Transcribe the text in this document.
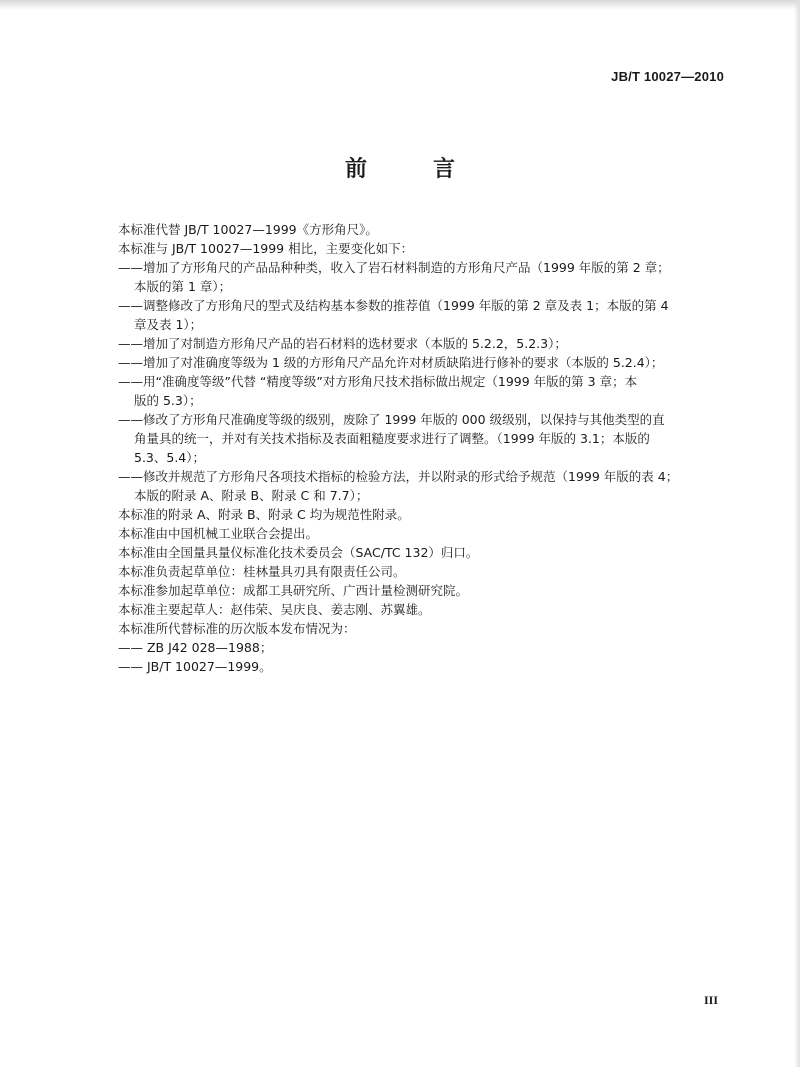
JB/T 10027—2010
前　言

本标准代替 JB/T 10027—1999《方形角尺》。

本标准与 JB/T 10027—1999 相比，主要变化如下：

——增加了方形角尺的产品品种种类，收入了岩石材料制造的方形角尺产品（1999 年版的第 2 章；

本版的第 1 章）；

——调整修改了方形角尺的型式及结构基本参数的推荐值（1999 年版的第 2 章及表 1；本版的第 4

章及表 1）；

——增加了对制造方形角尺产品的岩石材料的选材要求（本版的 5.2.2，5.2.3）；

——增加了对准确度等级为 1 级的方形角尺产品允许对材质缺陷进行修补的要求（本版的 5.2.4）；

——用“准确度等级”代替 “精度等级”对方形角尺技术指标做出规定（1999 年版的第 3 章；本

版的 5.3）；

——修改了方形角尺准确度等级的级别，废除了 1999 年版的 000 级级别，以保持与其他类型的直

角量具的统一，并对有关技术指标及表面粗糙度要求进行了调整。（1999 年版的 3.1；本版的

5.3、5.4）；

——修改并规范了方形角尺各项技术指标的检验方法，并以附录的形式给予规范（1999 年版的表 4；

本版的附录 A、附录 B、附录 C 和 7.7）；

本标准的附录 A、附录 B、附录 C 均为规范性附录。

本标准由中国机械工业联合会提出。

本标准由全国量具量仪标准化技术委员会（SAC/TC 132）归口。

本标准负责起草单位：桂林量具刃具有限责任公司。

本标准参加起草单位：成都工具研究所、广西计量检测研究院。

本标准主要起草人：赵伟荣、吴庆良、姜志刚、苏翼雄。

本标准所代替标准的历次版本发布情况为：

—— ZB J42 028—1988；

—— JB/T 10027—1999。

III
